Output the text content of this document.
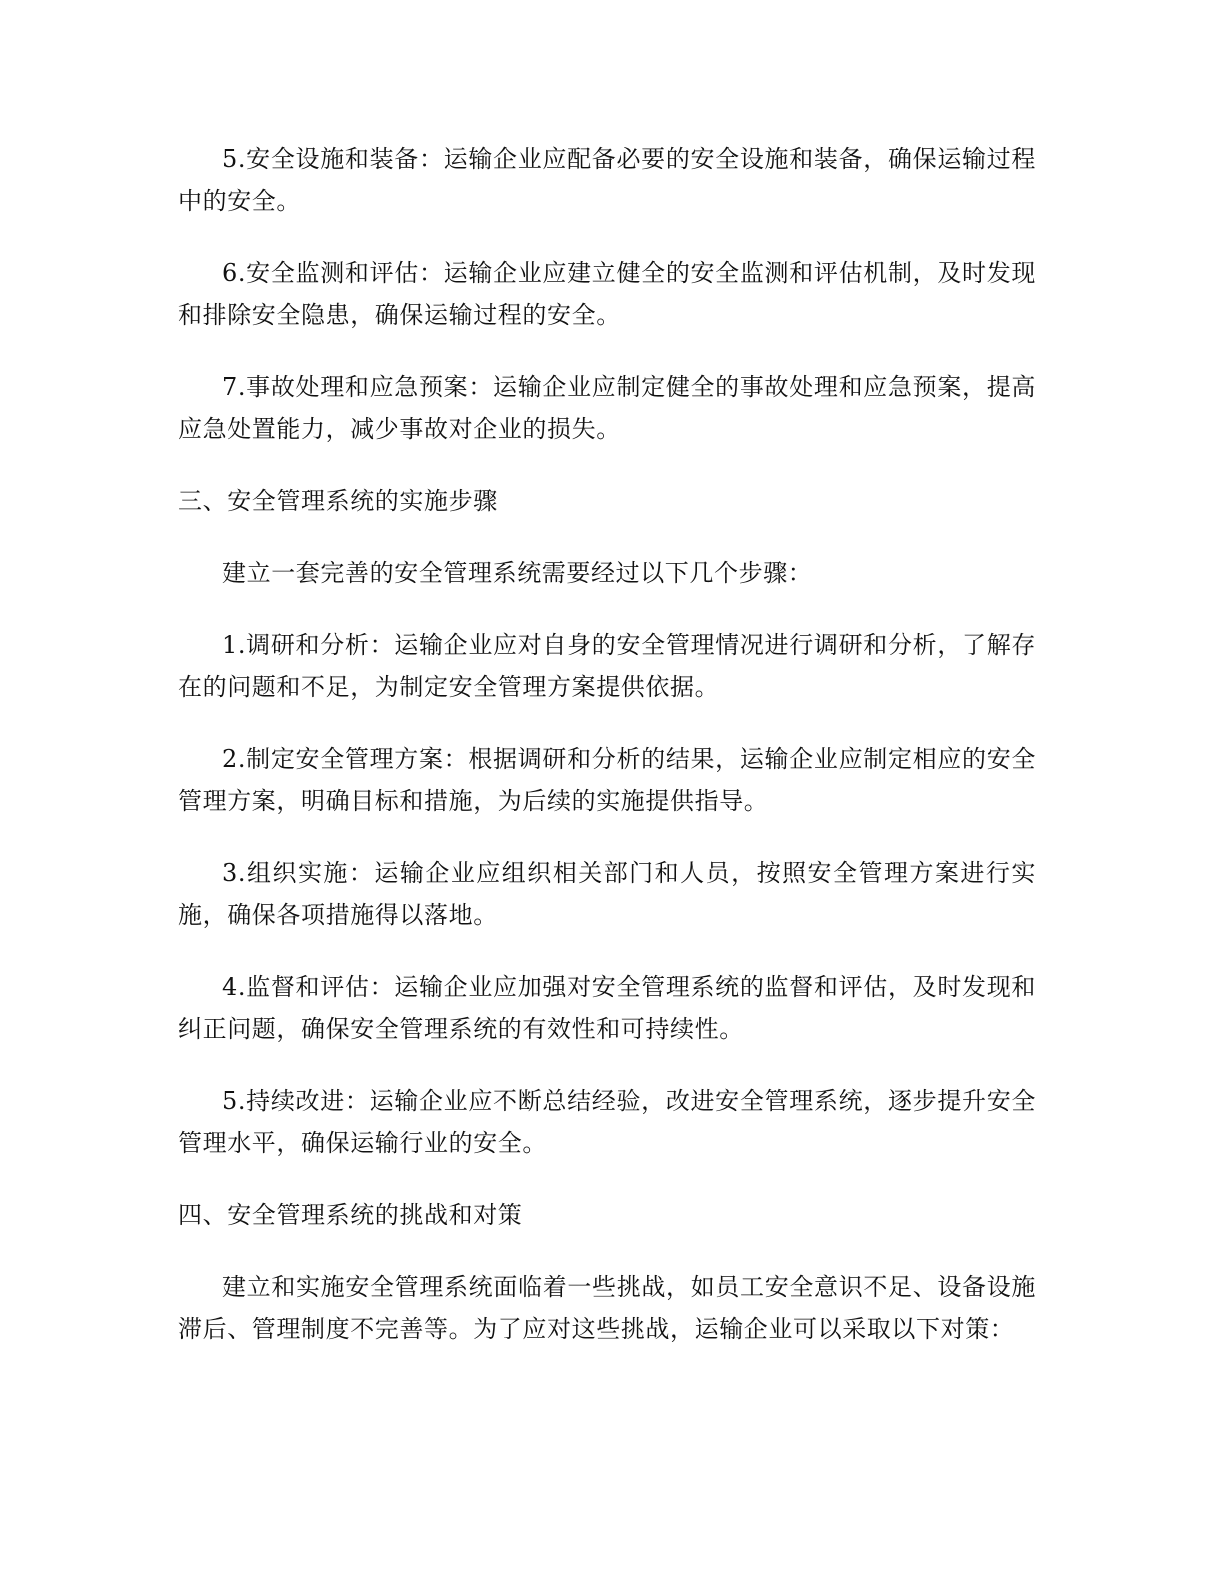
5.安全设施和装备：运输企业应配备必要的安全设施和装备，确保运输过程中的安全。

6.安全监测和评估：运输企业应建立健全的安全监测和评估机制，及时发现和排除安全隐患，确保运输过程的安全。

7.事故处理和应急预案：运输企业应制定健全的事故处理和应急预案，提高应急处置能力，减少事故对企业的损失。

三、安全管理系统的实施步骤

建立一套完善的安全管理系统需要经过以下几个步骤：

1.调研和分析：运输企业应对自身的安全管理情况进行调研和分析，了解存在的问题和不足，为制定安全管理方案提供依据。

2.制定安全管理方案：根据调研和分析的结果，运输企业应制定相应的安全管理方案，明确目标和措施，为后续的实施提供指导。

3.组织实施：运输企业应组织相关部门和人员，按照安全管理方案进行实施，确保各项措施得以落地。

4.监督和评估：运输企业应加强对安全管理系统的监督和评估，及时发现和纠正问题，确保安全管理系统的有效性和可持续性。

5.持续改进：运输企业应不断总结经验，改进安全管理系统，逐步提升安全管理水平，确保运输行业的安全。

四、安全管理系统的挑战和对策

建立和实施安全管理系统面临着一些挑战，如员工安全意识不足、设备设施滞后、管理制度不完善等。为了应对这些挑战，运输企业可以采取以下对策：
